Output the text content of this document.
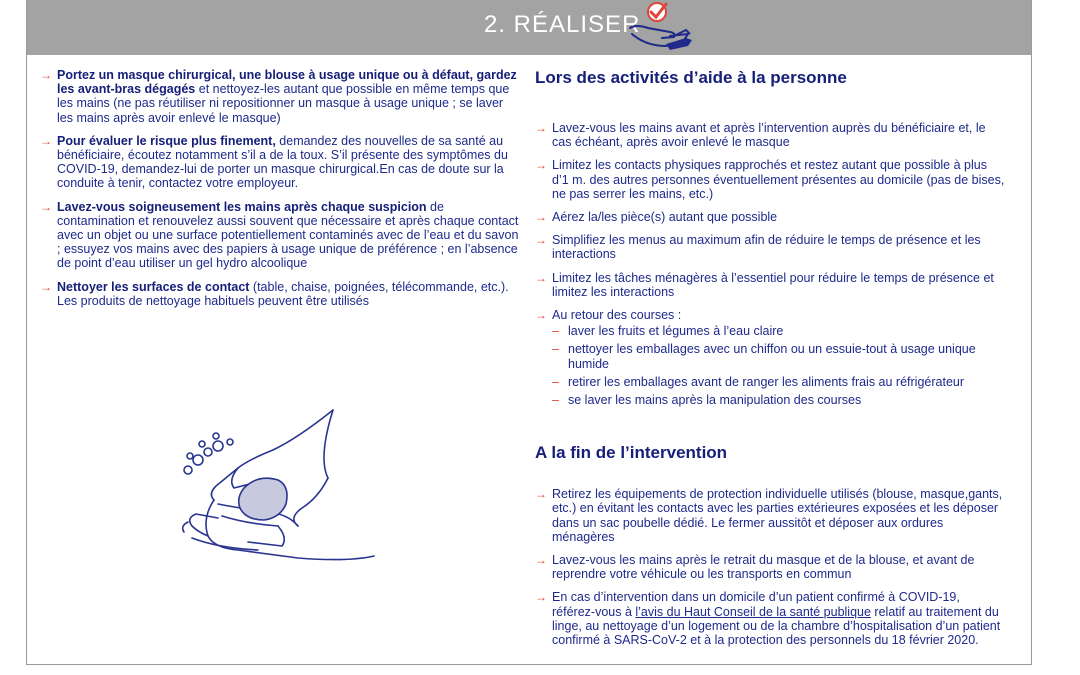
2. RÉALISER
→ Portez un masque chirurgical, une blouse à usage unique ou à défaut, gardez les avant-bras dégagés et nettoyez-les autant que possible en même temps que les mains (ne pas réutiliser ni repositionner un masque à usage unique ; se laver les mains après avoir enlevé le masque)
→ Pour évaluer le risque plus finement, demandez des nouvelles de sa santé au bénéficiaire, écoutez notamment s’il a de la toux. S’il présente des symptômes du COVID-19, demandez-lui de porter un masque chirurgical.En cas de doute sur la conduite à tenir, contactez votre employeur.
→ Lavez-vous soigneusement les mains après chaque suspicion de contamination et renouvelez aussi souvent que nécessaire et après chaque contact avec un objet ou une surface potentiellement contaminés avec de l’eau et du savon ; essuyez vos mains avec des papiers à usage unique de préférence ; en l’absence de point d’eau utiliser un gel hydro alcoolique
→ Nettoyer les surfaces de contact (table, chaise, poignées, télécommande, etc.). Les produits de nettoyage habituels peuvent être utilisés
Lors des activités d’aide à la personne
→ Lavez-vous les mains avant et après l’intervention auprès du bénéficiaire et, le cas échéant, après avoir enlevé le masque
→ Limitez les contacts physiques rapprochés et restez autant que possible à plus d’1 m. des autres personnes éventuellement présentes au domicile (pas de bises, ne pas serrer les mains, etc.)
→ Aérez la/les pièce(s) autant que possible
→ Simplifiez les menus au maximum afin de réduire le temps de présence et les interactions
→ Limitez les tâches ménagères à l’essentiel pour réduire le temps de présence et limitez les interactions
→ Au retour des courses :
– laver les fruits et légumes à l’eau claire
– nettoyer les emballages avec un chiffon ou un essuie-tout à usage unique humide
– retirer les emballages avant de ranger les aliments frais au réfrigérateur
– se laver les mains après la manipulation des courses
A la fin de l’intervention
→ Retirez les équipements de protection individuelle utilisés (blouse, masque,gants, etc.) en évitant les contacts avec les parties extérieures exposées et les déposer dans un sac poubelle dédié. Le fermer aussitôt et déposer aux ordures ménagères
→ Lavez-vous les mains après le retrait du masque et de la blouse, et avant de reprendre votre véhicule ou les transports en commun
→ En cas d’intervention dans un domicile d’un patient confirmé à COVID-19, référez-vous à l’avis du Haut Conseil de la santé publique relatif au traitement du linge, au nettoyage d’un logement ou de la chambre d’hospitalisation d’un patient confirmé à SARS-CoV-2 et à la protection des personnels du 18 février 2020.
